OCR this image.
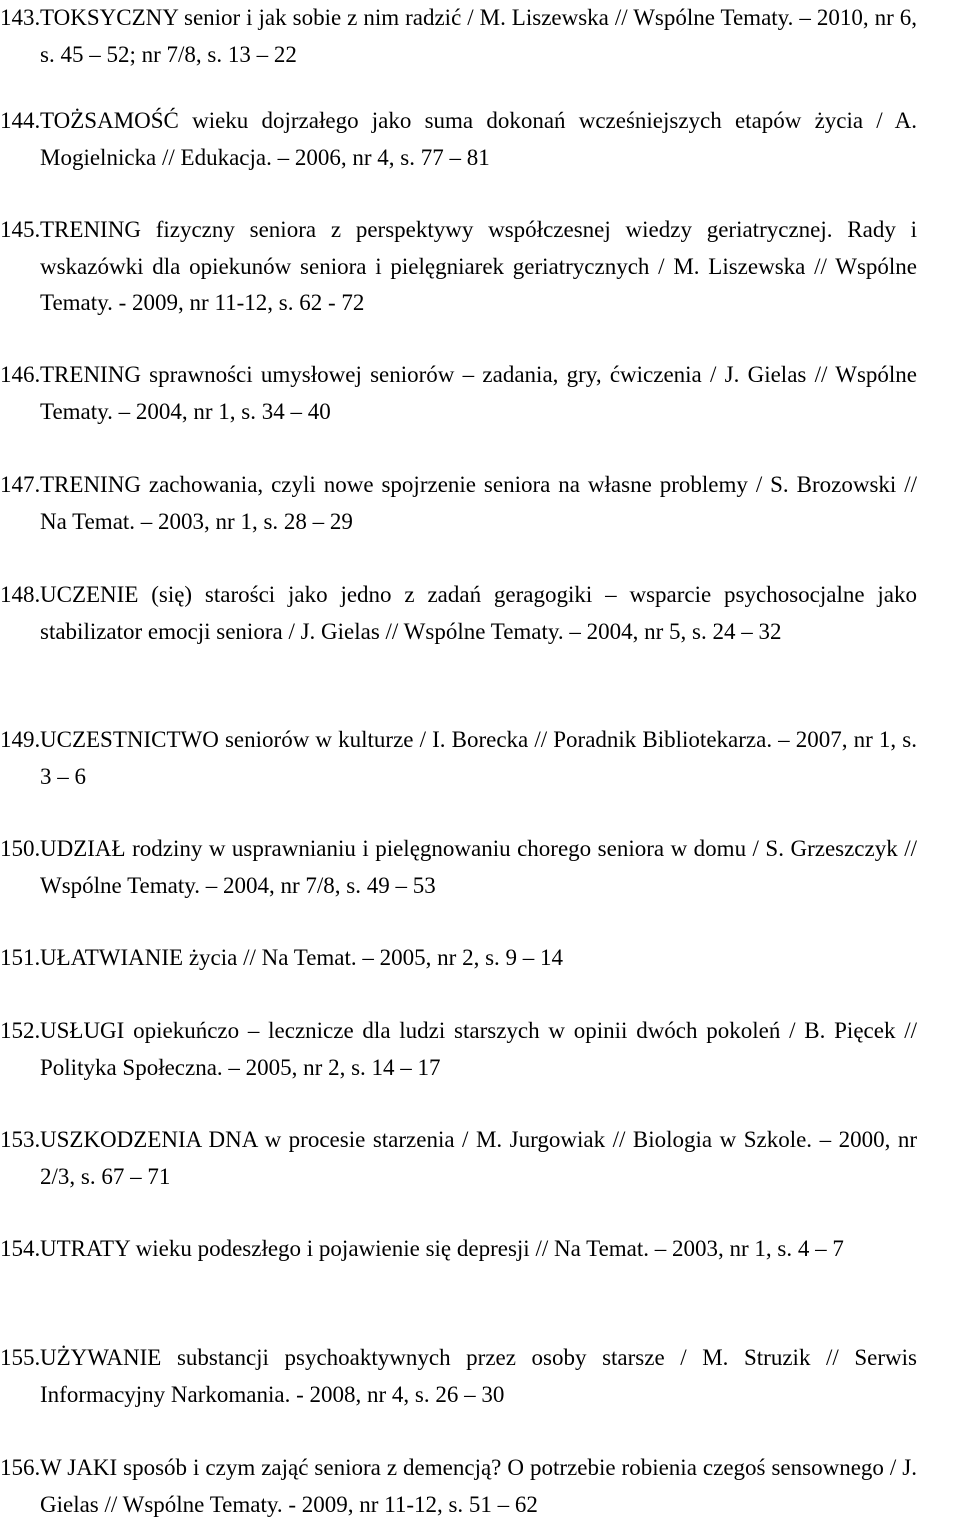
143.TOKSYCZNY senior i jak sobie z nim radzić / M. Liszewska // Wspólne Tematy. – 2010, nr 6, s. 45 – 52; nr 7/8, s. 13 – 22

144.TOŻSAMOŚĆ wieku dojrzałego jako suma dokonań wcześniejszych etapów życia / A. Mogielnicka // Edukacja. – 2006, nr 4, s. 77 – 81

145.TRENING fizyczny seniora z perspektywy współczesnej wiedzy geriatrycznej. Rady i wskazówki dla opiekunów seniora i pielęgniarek geriatrycznych / M. Liszewska // Wspólne Tematy. - 2009, nr 11-12, s. 62 - 72

146.TRENING sprawności umysłowej seniorów – zadania, gry, ćwiczenia / J. Gielas // Wspólne Tematy. – 2004, nr 1, s. 34 – 40

147.TRENING zachowania, czyli nowe spojrzenie seniora na własne problemy / S. Brozowski // Na Temat. – 2003, nr 1, s. 28 – 29

148.UCZENIE (się) starości jako jedno z zadań geragogiki – wsparcie psychosocjalne jako stabilizator emocji seniora / J. Gielas // Wspólne Tematy. – 2004, nr 5, s. 24 – 32

149.UCZESTNICTWO seniorów w kulturze / I. Borecka // Poradnik Bibliotekarza. – 2007, nr 1, s. 3 – 6

150.UDZIAŁ rodziny w usprawnianiu i pielęgnowaniu chorego seniora w domu / S. Grzeszczyk // Wspólne Tematy. – 2004, nr 7/8, s. 49 – 53

151.UŁATWIANIE życia // Na Temat. – 2005, nr 2, s. 9 – 14

152.USŁUGI opiekuńczo – lecznicze dla ludzi starszych w opinii dwóch pokoleń / B. Pięcek // Polityka Społeczna. – 2005, nr 2, s. 14 – 17

153.USZKODZENIA DNA w procesie starzenia / M. Jurgowiak // Biologia w Szkole. – 2000, nr 2/3, s. 67 – 71

154.UTRATY wieku podeszłego i pojawienie się depresji // Na Temat. – 2003, nr 1, s. 4 – 7

155.UŻYWANIE substancji psychoaktywnych przez osoby starsze / M. Struzik // Serwis Informacyjny Narkomania. - 2008, nr 4, s. 26 – 30

156.W JAKI sposób i czym zająć seniora z demencją? O potrzebie robienia czegoś sensownego / J. Gielas // Wspólne Tematy. - 2009, nr 11-12, s. 51 – 62
